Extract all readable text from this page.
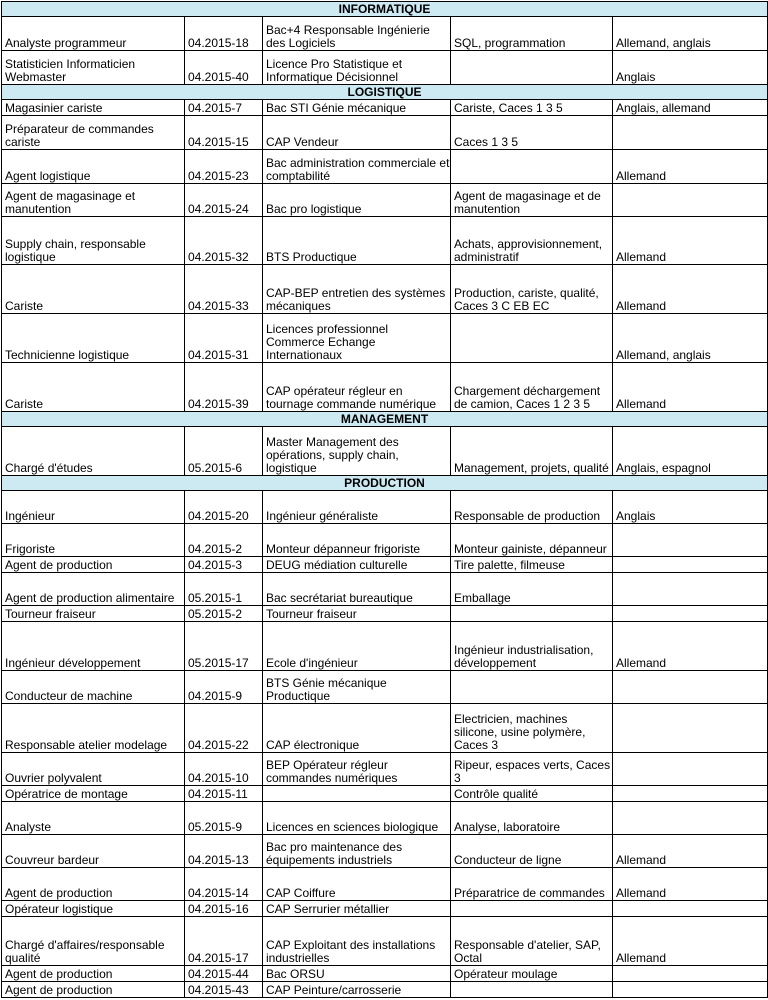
INFORMATIQUE				
Analyste programmeur	04.2015-18	Bac+4 Responsable Ingénierie des Logiciels	SQL, programmation	Allemand, anglais
Statisticien Informaticien Webmaster	04.2015-40	Licence Pro Statistique et Informatique Décisionnel		Anglais
LOGISTIQUE				
Magasinier cariste	04.2015-7	Bac STI Génie mécanique	Cariste, Caces 1 3 5	Anglais, allemand
Préparateur de commandes cariste	04.2015-15	CAP Vendeur	Caces 1 3 5	
Agent logistique	04.2015-23	Bac administration commerciale et comptabilité		Allemand
Agent de magasinage et manutention	04.2015-24	Bac pro logistique	Agent de magasinage et de manutention	
Supply chain, responsable logistique	04.2015-32	BTS Productique	Achats, approvisionnement, administratif	Allemand
Cariste	04.2015-33	CAP-BEP entretien des systèmes mécaniques	Production, cariste, qualité, Caces 3 C EB EC	Allemand
Technicienne logistique	04.2015-31	Licences professionnel Commerce Echange Internationaux		Allemand, anglais
Cariste	04.2015-39	CAP opérateur régleur en tournage commande numérique	Chargement déchargement de camion, Caces 1 2 3 5	Allemand
MANAGEMENT				
Chargé d'études	05.2015-6	Master Management des opérations, supply chain, logistique	Management, projets, qualité	Anglais, espagnol
PRODUCTION				
Ingénieur	04.2015-20	Ingénieur généraliste	Responsable de production	Anglais
Frigoriste	04.2015-2	Monteur dépanneur frigoriste	Monteur gainiste, dépanneur	
Agent de production	04.2015-3	DEUG médiation culturelle	Tire palette, filmeuse	
Agent de production alimentaire	05.2015-1	Bac secrétariat bureautique	Emballage	
Tourneur fraiseur	05.2015-2	Tourneur fraiseur		
Ingénieur développement	05.2015-17	Ecole d'ingénieur	Ingénieur industrialisation, développement	Allemand
Conducteur de machine	04.2015-9	BTS Génie mécanique Productique		
Responsable atelier modelage	04.2015-22	CAP électronique	Electricien, machines silicone, usine polymère, Caces 3	
Ouvrier polyvalent	04.2015-10	BEP Opérateur régleur commandes numériques	Ripeur, espaces verts, Caces 3	
Opératrice de montage	04.2015-11		Contrôle qualité	
Analyste	05.2015-9	Licences en sciences biologique	Analyse, laboratoire	
Couvreur bardeur	04.2015-13	Bac pro maintenance des équipements industriels	Conducteur de ligne	Allemand
Agent de production	04.2015-14	CAP Coiffure	Préparatrice de commandes	Allemand
Opérateur logistique	04.2015-16	CAP Serrurier métallier		
Chargé d'affaires/responsable qualité	04.2015-17	CAP Exploitant des installations industrielles	Responsable d'atelier, SAP, Octal	Allemand
Agent de production	04.2015-44	Bac ORSU	Opérateur moulage	
Agent de production	04.2015-43	CAP Peinture/carrosserie		
